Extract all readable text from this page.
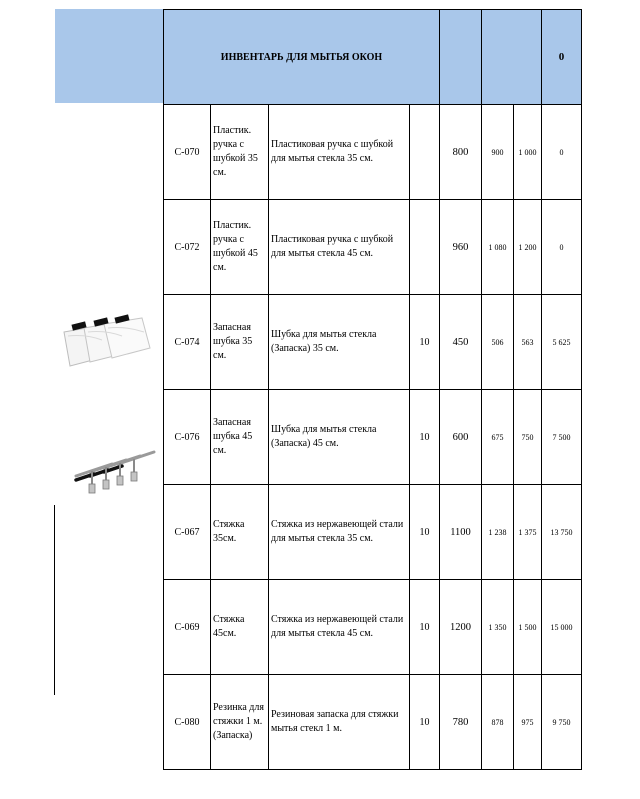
ИНВЕНТАРЬ ДЛЯ МЫТЬЯ ОКОН							0
С-070	Пластик. ручка с шубкой 35 см.	Пластиковая ручка с шубкой для мытья стекла 35 см.		800	900	1 000	0
С-072	Пластик. ручка с шубкой 45 см.	Пластиковая ручка с шубкой для мытья стекла 45 см.		960	1 080	1 200	0
С-074	Запасная шубка 35 см.	Шубка для мытья стекла (Запаска) 35 см.	10	450	506	563	5 625
С-076	Запасная шубка 45 см.	Шубка для мытья стекла (Запаска) 45 см.	10	600	675	750	7 500
С-067	Стяжка 35см.	Стяжка из нержавеющей стали для мытья стекла 35 см.	10	1100	1 238	1 375	13 750
С-069	Стяжка 45см.	Стяжка из нержавеющей стали для мытья стекла 45 см.	10	1200	1 350	1 500	15 000
С-080	Резинка для стяжки 1 м.(Запаска)	Резиновая запаска для стяжки мытья стекл 1 м.	10	780	878	975	9 750
